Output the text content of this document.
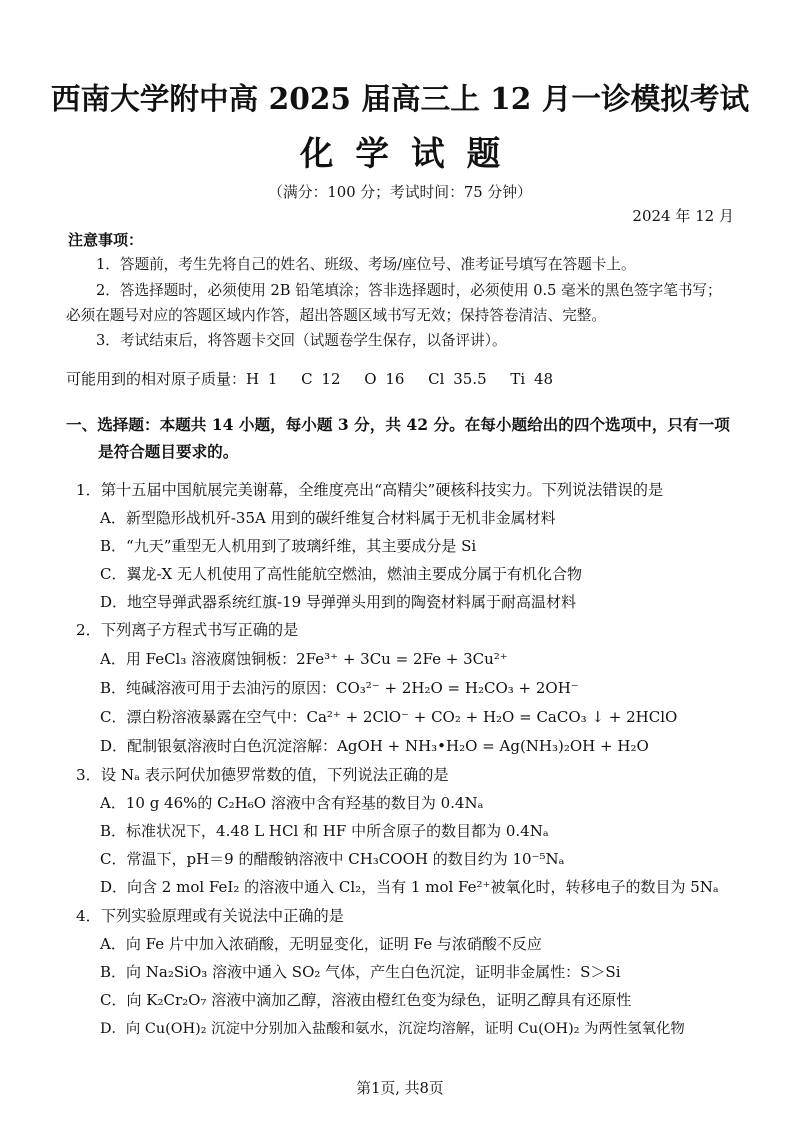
西南大学附中高 2025 届高三上 12 月一诊模拟考试
化学试题
（满分：100 分；考试时间：75 分钟）
2024 年 12 月
注意事项：
1．答题前，考生先将自己的姓名、班级、考场/座位号、准考证号填写在答题卡上。
2．答选择题时，必须使用 2B 铅笔填涂；答非选择题时，必须使用 0.5 毫米的黑色签字笔书写；
必须在题号对应的答题区域内作答，超出答题区域书写无效；保持答卷清洁、完整。
3．考试结束后，将答题卡交回（试题卷学生保存，以备评讲）。
可能用到的相对原子质量：H 1　 C 12　 O 16　 Cl 35.5　 Ti 48
一、选择题：本题共 14 小题，每小题 3 分，共 42 分。在每小题给出的四个选项中，只有一项
是符合题目要求的。
1．第十五届中国航展完美谢幕，全维度亮出“高精尖”硬核科技实力。下列说法错误的是
A．新型隐形战机歼-35A 用到的碳纤维复合材料属于无机非金属材料
B．“九天”重型无人机用到了玻璃纤维，其主要成分是 Si
C．翼龙-X 无人机使用了高性能航空燃油，燃油主要成分属于有机化合物
D．地空导弹武器系统红旗-19 导弹弹头用到的陶瓷材料属于耐高温材料
2．下列离子方程式书写正确的是
A．用 FeCl₃ 溶液腐蚀铜板：2Fe³⁺ + 3Cu = 2Fe + 3Cu²⁺
B．纯碱溶液可用于去油污的原因：CO₃²⁻ + 2H₂O = H₂CO₃ + 2OH⁻
C．漂白粉溶液暴露在空气中：Ca²⁺ + 2ClO⁻ + CO₂ + H₂O = CaCO₃ ↓ + 2HClO
D．配制银氨溶液时白色沉淀溶解：AgOH + NH₃•H₂O = Ag(NH₃)₂OH + H₂O
3．设 Nₐ 表示阿伏加德罗常数的值，下列说法正确的是
A．10 g 46%的 C₂H₆O 溶液中含有羟基的数目为 0.4Nₐ
B．标准状况下，4.48 L HCl 和 HF 中所含原子的数目都为 0.4Nₐ
C．常温下，pH＝9 的醋酸钠溶液中 CH₃COOH 的数目约为 10⁻⁵Nₐ
D．向含 2 mol FeI₂ 的溶液中通入 Cl₂，当有 1 mol Fe²⁺被氧化时，转移电子的数目为 5Nₐ
4．下列实验原理或有关说法中正确的是
A．向 Fe 片中加入浓硝酸，无明显变化，证明 Fe 与浓硝酸不反应
B．向 Na₂SiO₃ 溶液中通入 SO₂ 气体，产生白色沉淀，证明非金属性：S＞Si
C．向 K₂Cr₂O₇ 溶液中滴加乙醇，溶液由橙红色变为绿色，证明乙醇具有还原性
D．向 Cu(OH)₂ 沉淀中分别加入盐酸和氨水，沉淀均溶解，证明 Cu(OH)₂ 为两性氢氧化物
第1页, 共8页
